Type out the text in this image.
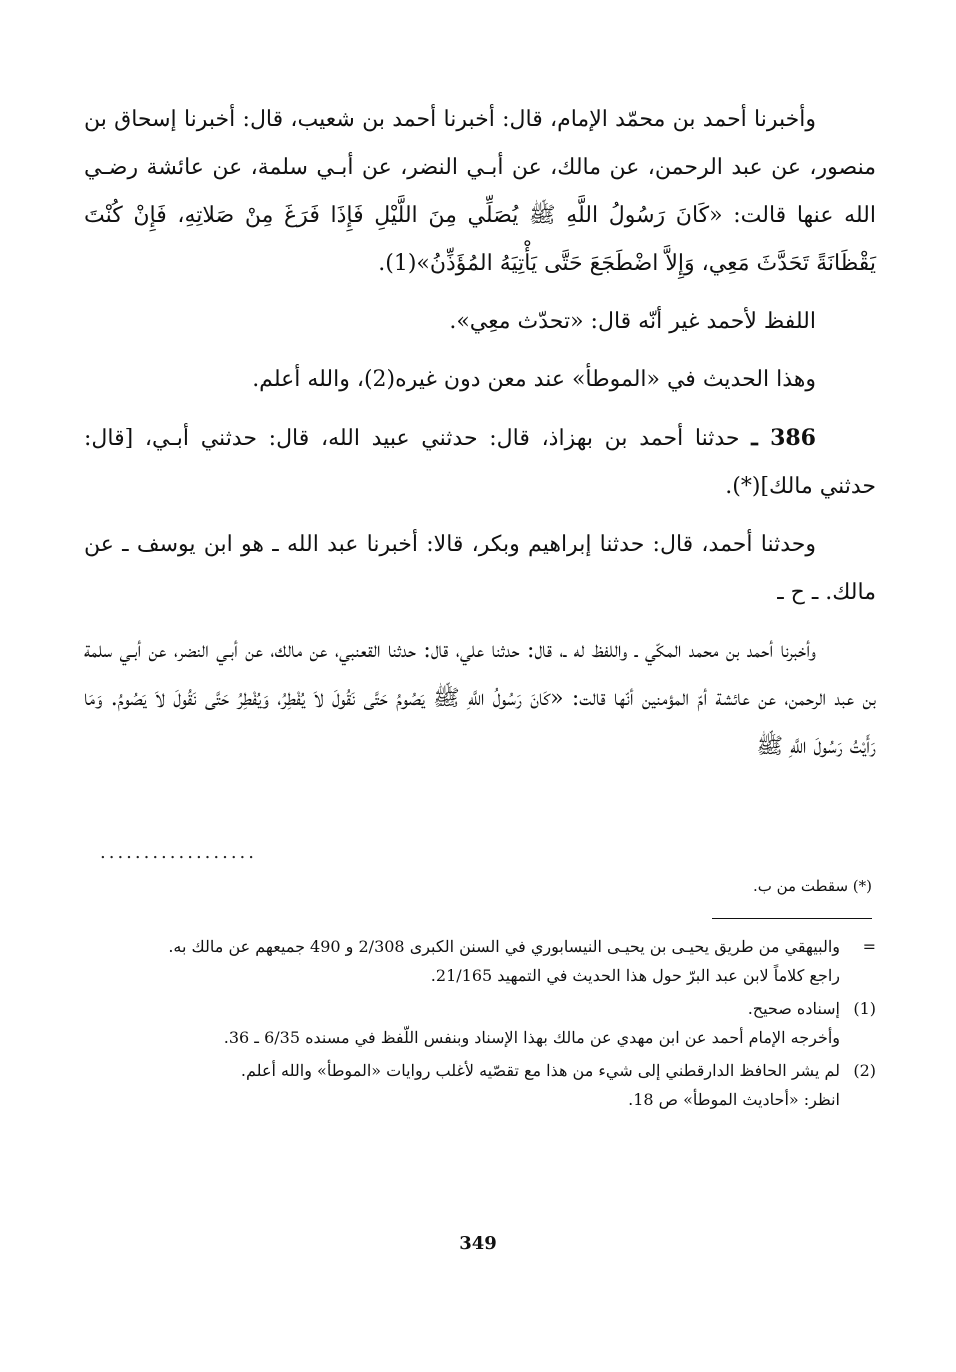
وأخبرنا أحمد بن محمّد الإمام، قال: أخبرنا أحمد بن شعيب، قال: أخبرنا إسحاق بن منصور، عن عبد الرحمن، عن مالك، عن أبـي النضر، عن أبـي سلمة، عن عائشة رضـي الله عنها قالت: «كَانَ رَسُولُ اللَّهِ ﷺ يُصَلِّي مِنَ اللَّيْلِ فَإِذَا فَرَغَ مِنْ صَلاتِهِ، فَإِنْ كُنْتَ يَقْظَانَةً تَحَدَّثَ مَعِي، وَإِلاَّ اضْطَجَعَ حَتَّى يَأْتِيَهُ المُؤَذِّنُ»(1).

اللفظ لأحمد غير أنّه قال: «تحدّث معِي».

وهذا الحديث في «الموطأ» عند معن دون غيره(2)، والله أعلم.

386 ـ حدثنا أحمد بن بهزاذ، قال: حدثني عبيد الله، قال: حدثني أبـي، [قال: حدثني مالك](*).

وحدثنا أحمد، قال: حدثنا إبراهيم وبكر، قالا: أخبرنا عبد الله ـ هو ابن يوسف ـ عن مالك. ـ ح ـ

وأخبرنا أحمد بن محمد المكّي ـ واللفظ له ـ، قال: حدثنا علي، قال: حدثنا القعنبي، عن مالك، عن أبـي النضر، عن أبـي سلمة بن عبد الرحمن، عن عائشة أمّ المؤمنين أنّها قالت: «كَانَ رَسُولُ اللَّهِ ﷺ يَصُومُ حَتَّى نَقُولَ لاَ يُفْطِرُ، وَيُفْطِرُ حَتَّى نَقُولَ لاَ يَصُومُ. وَمَا رَأَيْتُ رَسُولَ اللَّهِ ﷺ

..................
(*) سقطت من ب.
=

والبيهقي من طريق يحيـى بن يحيـى النيسابوري في السنن الكبرى 2/308 و 490 جميعهم عن مالك به.

راجع كلاماً لابن عبد البرّ حول هذا الحديث في التمهيد 21/165.

(1)

إسناده صحيح.

وأخرجه الإمام أحمد عن ابن مهدي عن مالك بهذا الإسناد وبنفس اللّفظ في مسنده 6/35 ـ 36.

(2)

لم يشر الحافظ الدارقطني إلى شيء من هذا مع تقصّيه لأغلب روايات «الموطأ» والله أعلم.

انظر: «أحاديث الموطأ» ص 18.

349
